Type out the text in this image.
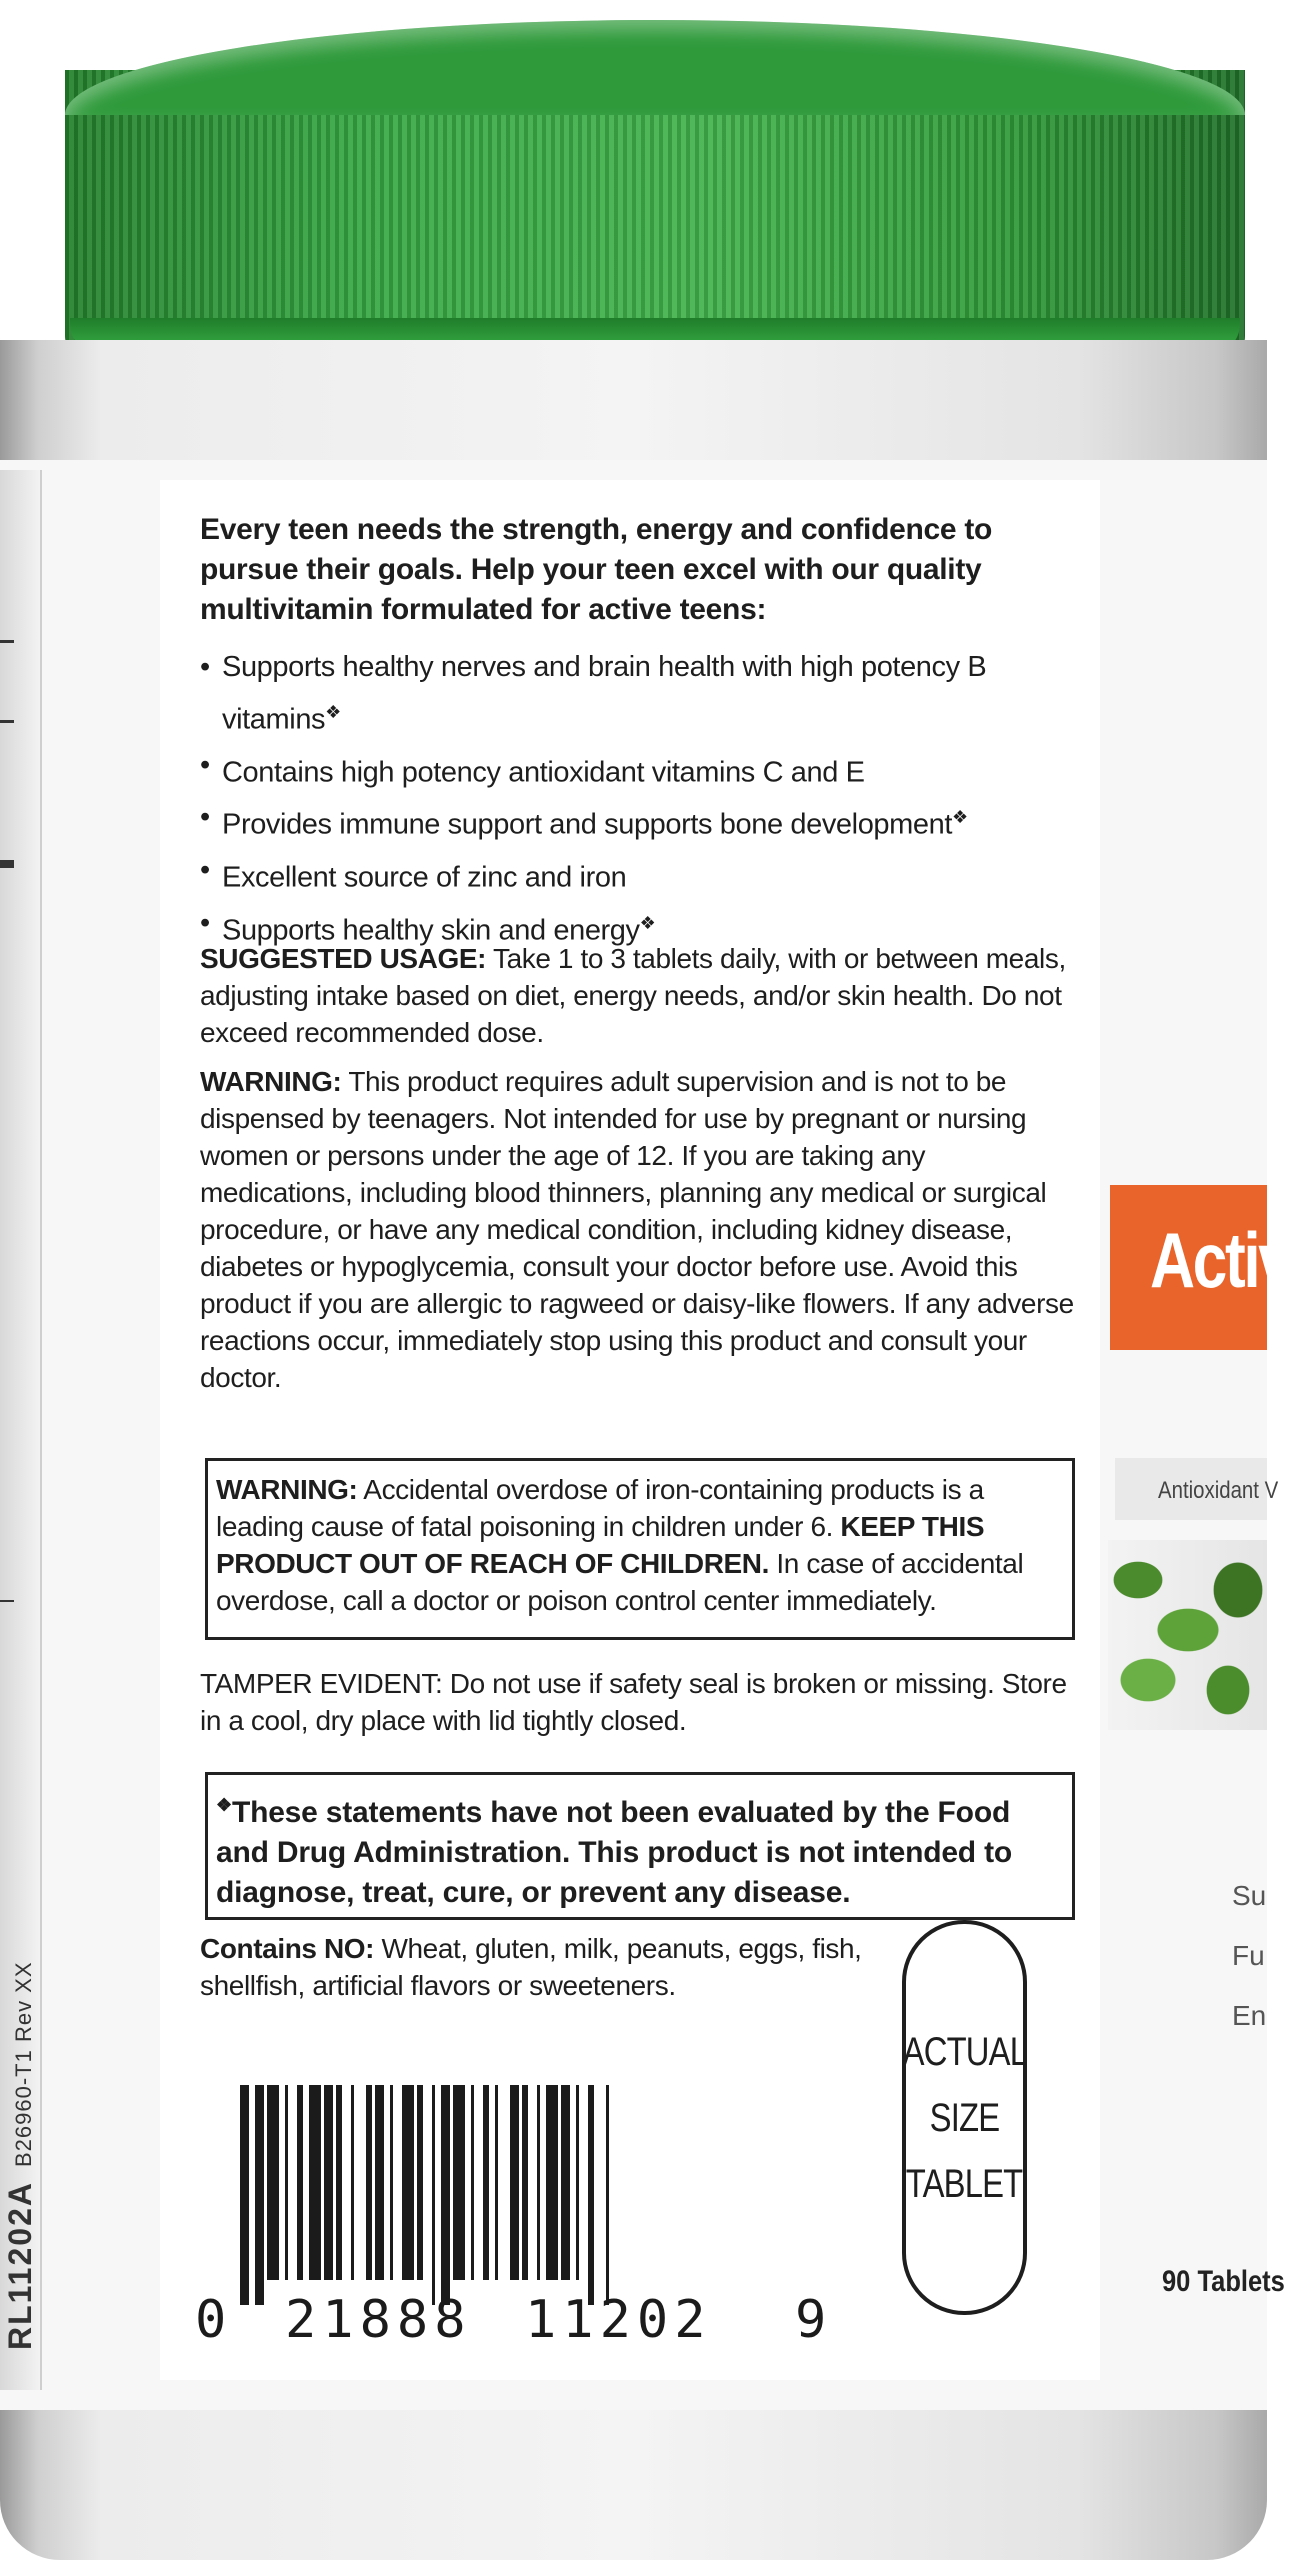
Every teen needs the strength, energy and confidence to pursue their goals. Help your teen excel with our quality multivitamin formulated for active teens:
• Supports healthy nerves and brain health with high potency B vitamins❖
• Contains high potency antioxidant vitamins C and E
• Provides immune support and supports bone development❖
• Excellent source of zinc and iron
• Supports healthy skin and energy❖
SUGGESTED USAGE: Take 1 to 3 tablets daily, with or between meals, adjusting intake based on diet, energy needs, and/or skin health. Do not exceed recommended dose.
WARNING: This product requires adult supervision and is not to be dispensed by teenagers. Not intended for use by pregnant or nursing women or persons under the age of 12. If you are taking any medications, including blood thinners, planning any medical or surgical procedure, or have any medical condition, including kidney disease, diabetes or hypoglycemia, consult your doctor before use. Avoid this product if you are allergic to ragweed or daisy-like flowers. If any adverse reactions occur, immediately stop using this product and consult your doctor.
WARNING: Accidental overdose of iron-containing products is a leading cause of fatal poisoning in children under 6. KEEP THIS PRODUCT OUT OF REACH OF CHILDREN. In case of accidental overdose, call a doctor or poison control center immediately.
TAMPER EVIDENT: Do not use if safety seal is broken or missing. Store in a cool, dry place with lid tightly closed.
❖These statements have not been evaluated by the Food and Drug Administration. This product is not intended to diagnose, treat, cure, or prevent any disease.
Contains NO: Wheat, gluten, milk, peanuts, eggs, fish, shellfish, artificial flavors or sweeteners.
0 21888 11202 9
ACTUAL
SIZE
TABLET
Activ
Antioxidant V
Su
Fu
En
90 Tablets
RL11202AB26960-T1 Rev XX
